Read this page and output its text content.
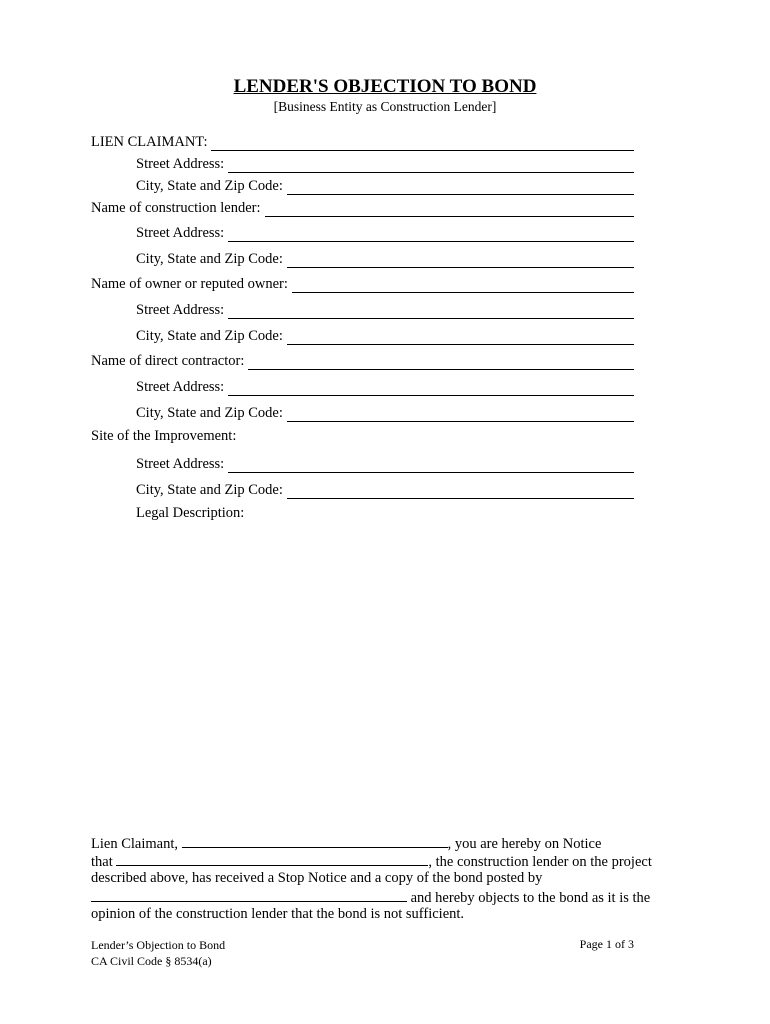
LENDER'S OBJECTION TO BOND
[Business Entity as Construction Lender]
LIEN CLAIMANT:
Street Address:
City, State and Zip Code:
Name of construction lender:
Street Address:
City, State and Zip Code:
Name of owner or reputed owner:
Street Address:
City, State and Zip Code:
Name of direct contractor:
Street Address:
City, State and Zip Code:
Site of the Improvement:
Street Address:
City, State and Zip Code:
Legal Description:
Lien Claimant,	, you are hereby on Notice
that	, the construction lender on the project
described above, has received a Stop Notice and a copy of the bond posted by
and hereby objects to the bond as it is the
opinion of the construction lender that the bond is not sufficient.
Lender’s Objection to Bond
CA Civil Code § 8534(a)
Page 1 of 3
